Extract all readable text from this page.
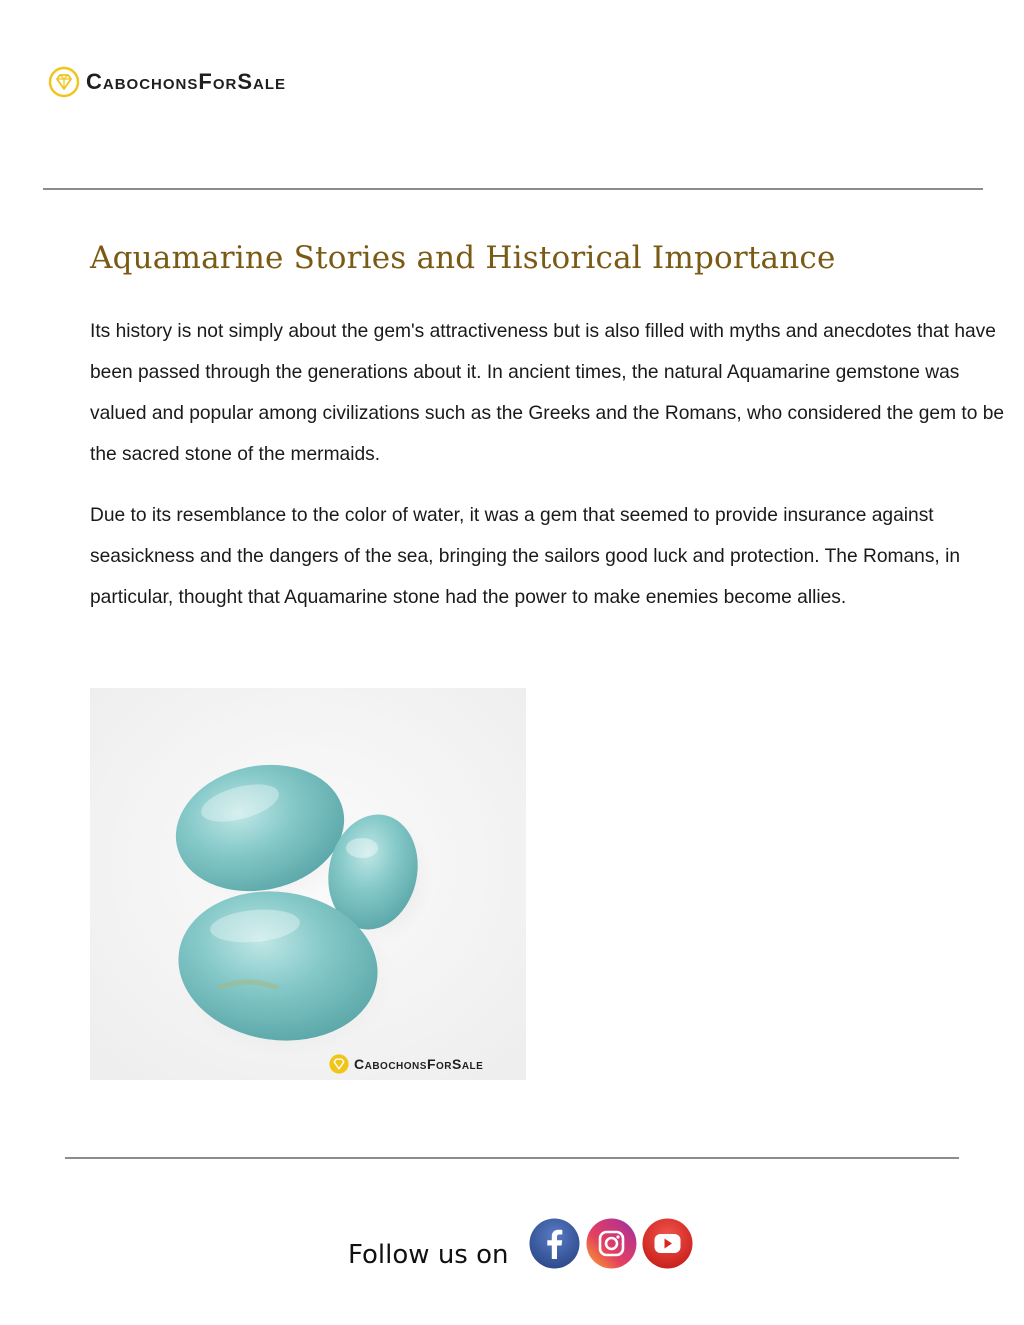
CabochonsForSale
Aquamarine Stories and Historical Importance

Its history is not simply about the gem's attractiveness but is also filled with myths and anecdotes that have been passed through the generations about it. In ancient times, the natural Aquamarine gemstone was valued and popular among civilizations such as the Greeks and the Romans, who considered the gem to be the sacred stone of the mermaids.

Due to its resemblance to the color of water, it was a gem that seemed to provide insurance against seasickness and the dangers of the sea, bringing the sailors good luck and protection. The Romans, in particular, thought that Aquamarine stone had the power to make enemies become allies.

CabochonsForSale
Follow us on
